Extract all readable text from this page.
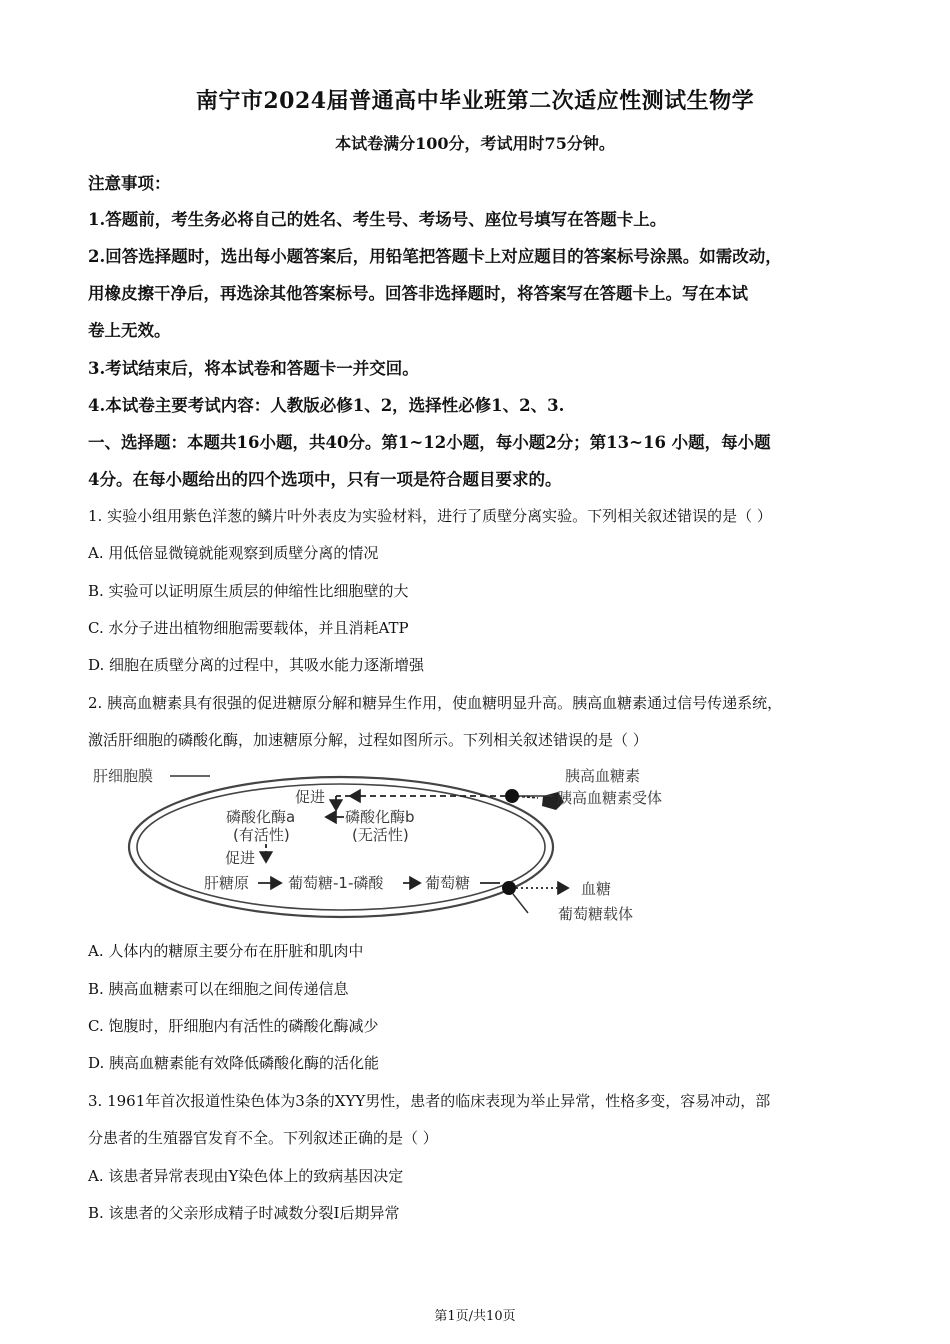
南宁市2024届普通高中毕业班第二次适应性测试生物学
本试卷满分100分，考试用时75分钟。
注意事项：
1.答题前，考生务必将自己的姓名、考生号、考场号、座位号填写在答题卡上。
2.回答选择题时，选出每小题答案后，用铅笔把答题卡上对应题目的答案标号涂黑。如需改动，
用橡皮擦干净后，再选涂其他答案标号。回答非选择题时，将答案写在答题卡上。写在本试
卷上无效。
3.考试结束后，将本试卷和答题卡一并交回。
4.本试卷主要考试内容：人教版必修1、2，选择性必修1、2、3.
一、选择题：本题共16小题，共40分。第1~12小题，每小题2分；第13~16 小题，每小题
4分。在每小题给出的四个选项中，只有一项是符合题目要求的。
1. 实验小组用紫色洋葱的鳞片叶外表皮为实验材料，进行了质壁分离实验。下列相关叙述错误的是（ ）
A. 用低倍显微镜就能观察到质壁分离的情况
B. 实验可以证明原生质层的伸缩性比细胞壁的大
C. 水分子进出植物细胞需要载体，并且消耗ATP
D. 细胞在质壁分离的过程中，其吸水能力逐渐增强
2. 胰高血糖素具有很强的促进糖原分解和糖异生作用，使血糖明显升高。胰高血糖素通过信号传递系统，
激活肝细胞的磷酸化酶，加速糖原分解，过程如图所示。下列相关叙述错误的是（ ）
肝细胞膜	胰高血糖素
胰高血糖素受体
促进
磷酸化酶a
(有活性)
磷酸化酶b
(无活性)
促进
肝糖原	葡萄糖-1-磷酸	葡萄糖	血糖
葡萄糖载体
A. 人体内的糖原主要分布在肝脏和肌肉中
B. 胰高血糖素可以在细胞之间传递信息
C. 饱腹时，肝细胞内有活性的磷酸化酶减少
D. 胰高血糖素能有效降低磷酸化酶的活化能
3. 1961年首次报道性染色体为3条的XYY男性，患者的临床表现为举止异常，性格多变，容易冲动，部
分患者的生殖器官发育不全。下列叙述正确的是（ ）
A. 该患者异常表现由Y染色体上的致病基因决定
B. 该患者的父亲形成精子时减数分裂Ⅰ后期异常
第1页/共10页
